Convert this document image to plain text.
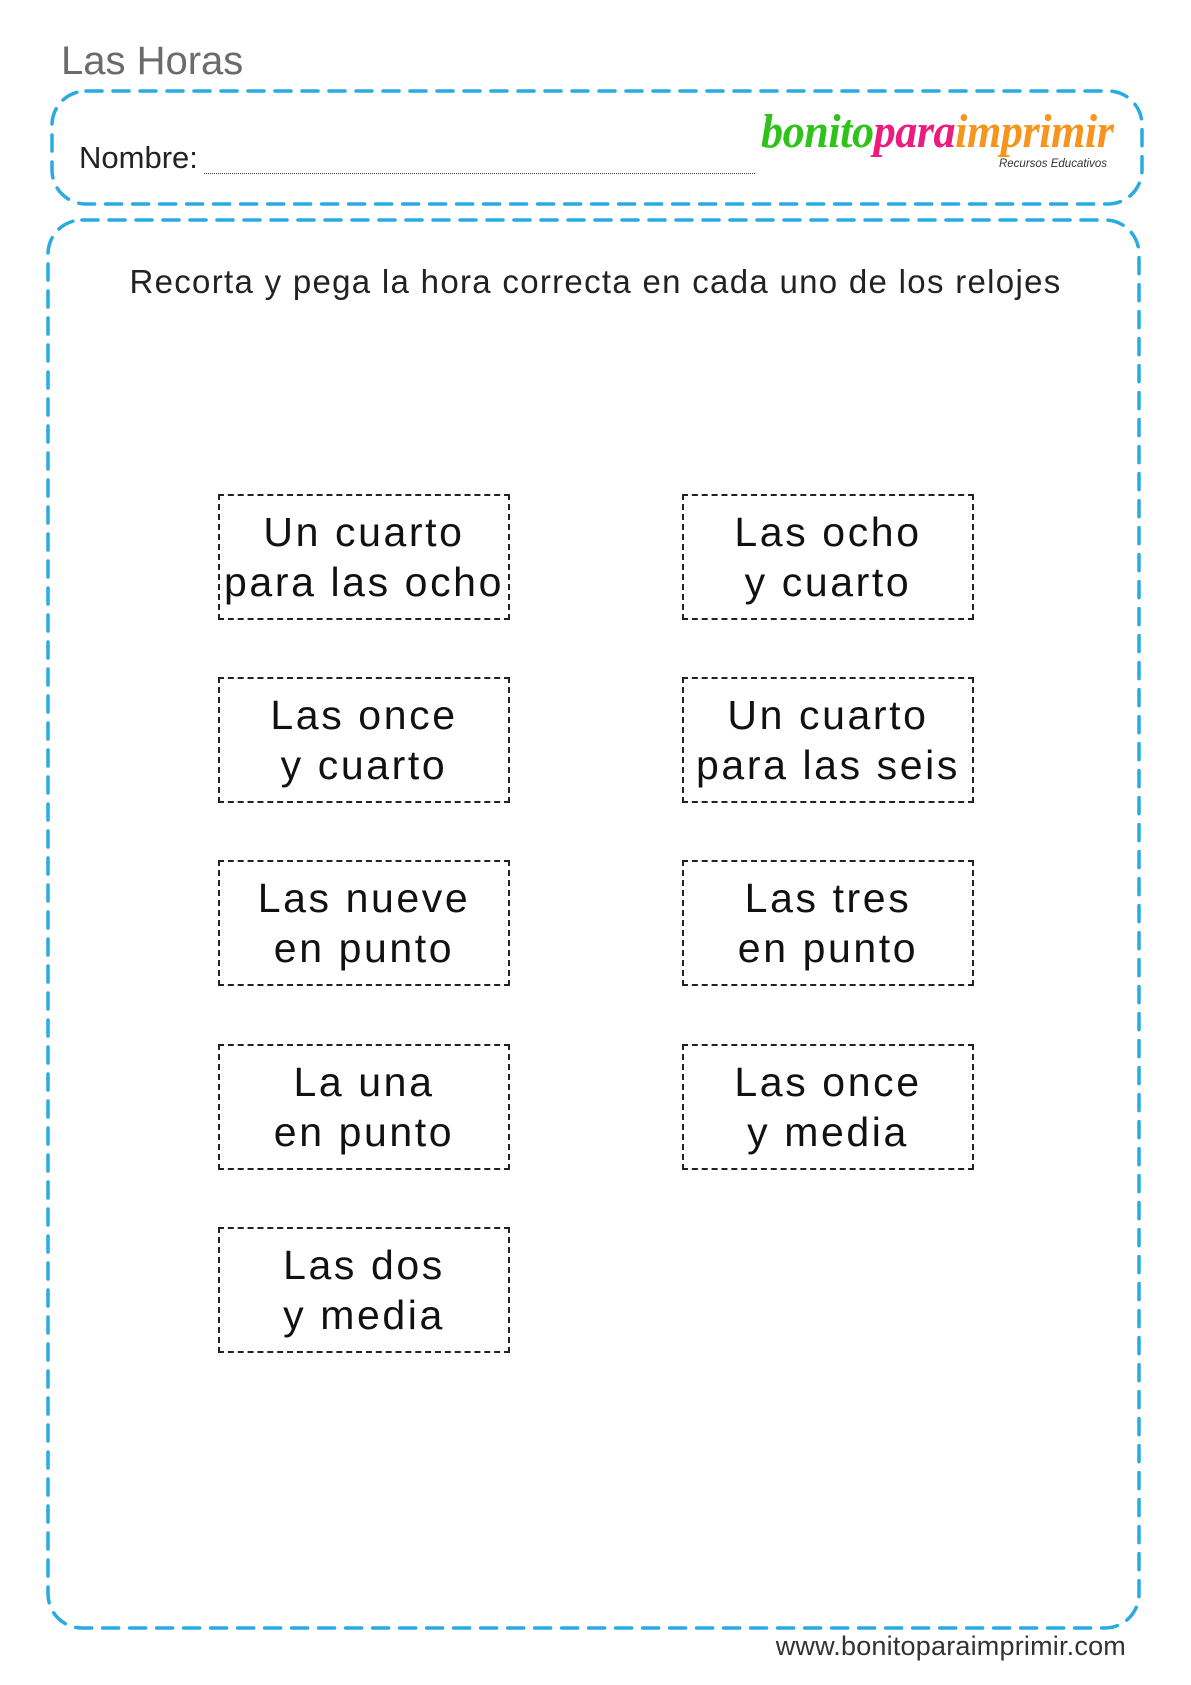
Las Horas
Nombre:	bonitoparaimprimir
Recursos Educativos
Recorta y pega la hora correcta en cada uno de los relojes
Un cuarto
para las ocho
Las once
y cuarto
Las nueve
en punto
La una
en punto
Las dos
y media
Las ocho
y cuarto
Un cuarto
para las seis
Las tres
en punto
Las once
y media
www.bonitoparaimprimir.com
